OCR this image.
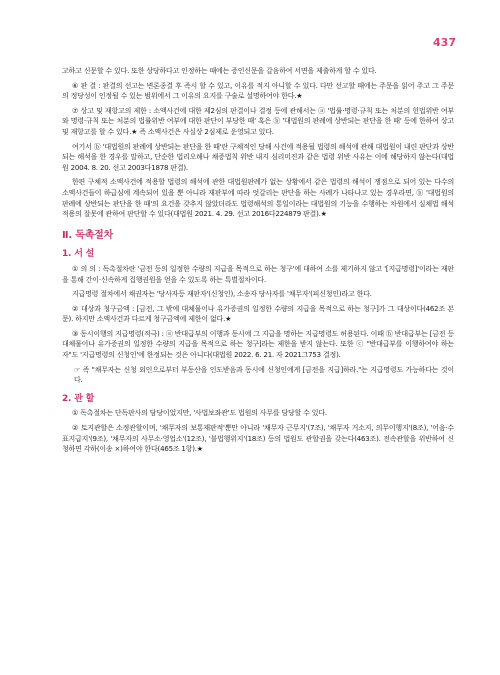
437

고하고 신문할 수 있다. 또한 상당하다고 인정하는 때에는 증인신문을 갈음하여 서면을 제출하게 할 수 있다.

⑥ 판 결 : 판결의 선고는 변론종결 후 즉시 할 수 있고, 이유를 적지 아니할 수 있다. 다만 선고할 때에는 주문을 읽어 주고 그 주문의 정당성이 인정될 수 있는 범위에서 그 이유의 요지를 구술로 설명하여야 한다.★

⑦ 상고 및 재항고의 제한 : 소액사건에 대한 제2심의 판결이나 결정 등에 관해서는 ⓐ '법률·명령·규칙 또는 처분의 헌법위반 여부와 명령·규칙 또는 처분의 법률위반 여부에 대한 판단이 부당한 때' 혹은 ⓑ '대법원의 판례에 상반되는 판단을 한 때' 등에 한하여 상고 및 재항고를 할 수 있다.★ 즉 소액사건은 사실상 2심제로 운영되고 있다.

여기서 ⓑ '대법원의 판례에 상반되는 판단을 한 때'란 구체적인 당해 사건에 적용될 법령의 해석에 관해 대법원이 내린 판단과 상반되는 해석을 한 경우를 말하고, 단순한 법리오해나 채증법칙 위반 내지 심리미진과 같은 법령 위반 사유는 이에 해당하지 않는다(대법원 2004. 8. 20. 선고 2003다1878 판결).

한편 구체적 소액사건에 적용할 법령의 해석에 관한 대법원판례가 없는 상황에서 같은 법령의 해석이 쟁점으로 되어 있는 다수의 소액사건들이 하급심에 계속되어 있을 뿐 아니라 재판부에 따라 엇갈리는 판단을 하는 사례가 나타나고 있는 경우라면, ⓑ '대법원의 판례에 상반되는 판단을 한 때'의 요건을 갖추지 않았더라도 법령해석의 통일이라는 대법원의 기능을 수행하는 차원에서 실체법 해석적용의 잘못에 관하여 판단할 수 있다(대법원 2021. 4. 29. 선고 2016다224879 판결).★

Ⅱ. 독촉절차
1. 서 설

① 의 의 : 독촉절차란 '금전 등의 일정한 수량의 지급을 목적으로 하는 청구'에 대하여 소를 제기하지 않고 '[지급명령]'이라는 재판을 통해 간이·신속하게 집행권원을 얻을 수 있도록 하는 특별절차이다.

지급명령 절차에서 채권자는 '당사자등 재판자'(신청인), 소송자 당사자를 '채무자'(피신청인)라고 한다.

② 대상과 청구금액 : [금전, 그 밖에 대체물이나 유가증권의 일정한 수량의 지급을 목적으로 하는 청구]가 그 대상이다(462조 본문). 하지만 소액사건과 다르게 청구금액에 제한이 없다.★

③ 동시이행의 지급명령(적극) : ⓐ 반대급부의 이행과 동시에 그 지급을 명하는 지급명령도 허용된다. 이때 ⓑ 반대급부는 [금전 등 대체물이나 유가증권의 일정한 수량의 지급을 목적으로 하는 청구]라는 제한을 받지 않는다. 또한 ⓒ "반대급부를 이행하여야 하는 자"도 '지급명령의 신청인'에 한정되는 것은 아니다(대법원 2022. 6. 21. 자 2021그753 결정).

☞ 즉 "채무자는 신청 외인으로부터 부동산을 인도받음과 동시에 신청인에게 [금전을 지급]하라."는 지급명령도 가능하다는 것이다.

2. 관 할

① 독촉절차는 단독판사의 담당이었지만, '사법보좌관'도 법원의 사무를 담당할 수 있다.

② 토지관할은 소정관할이며, '채무자의 보통재판적'뿐만 아니라 '채무자 근무지'(7조), '채무자 거소지, 의무이행지'(8조), '어음·수표지급지'(9조), '채무자의 사무소·영업소'(12조), '불법행위지'(18조) 등의 법원도 관할권을 갖는다(463조). 전속관할을 위반하여 신청하면 각하(이송 ×)하여야 한다(465조 1항).★
